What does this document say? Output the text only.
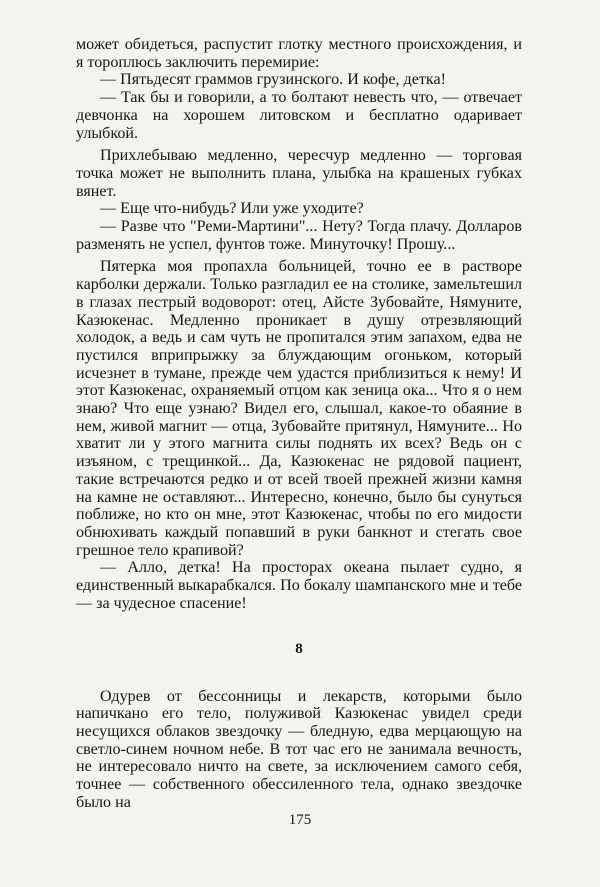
может обидеться, распустит глотку местного происхождения, и я тороплюсь заключить перемирие:

— Пятьдесят граммов грузинского. И кофе, детка!

— Так бы и говорили, а то болтают невесть что, — отвечает девчонка на хорошем литовском и бесплатно одаривает улыбкой.

Прихлебываю медленно, чересчур медленно — торговая точка может не выполнить плана, улыбка на крашеных губках вянет.

— Еще что-нибудь? Или уже уходите?

— Разве что "Реми-Мартини"... Нету? Тогда плачу. Долларов разменять не успел, фунтов тоже. Минуточку! Прошу...

Пятерка моя пропахла больницей, точно ее в растворе карболки держали. Только разгладил ее на столике, замельтешил в глазах пестрый водоворот: отец, Айсте Зубовайте, Нямуните, Казюкенас. Медленно проникает в душу отрезвляющий холодок, а ведь и сам чуть не пропитался этим запахом, едва не пустился вприпрыжку за блуждающим огоньком, который исчезнет в тумане, прежде чем удастся приблизиться к нему! И этот Казюкенас, охраняемый отцом как зеница ока... Что я о нем знаю? Что еще узнаю? Видел его, слышал, какое-то обаяние в нем, живой магнит — отца, Зубовайте притянул, Нямуните... Но хватит ли у этого магнита силы поднять их всех? Ведь он с изъяном, с трещинкой... Да, Казюкенас не рядовой пациент, такие встречаются редко и от всей твоей прежней жизни камня на камне не оставляют... Интересно, конечно, было бы сунуться поближе, но кто он мне, этот Казюкенас, чтобы по его мидости обнюхивать каждый попавший в руки банкнот и стегать свое грешное тело крапивой?

— Алло, детка! На просторах океана пылает судно, я единственный выкарабкался. По бокалу шампанского мне и тебе — за чудесное спасение!

8

Одурев от бессонницы и лекарств, которыми было напичкано его тело, полуживой Казюкенас увидел среди несущихся облаков звездочку — бледную, едва мерцающую на светло-синем ночном небе. В тот час его не занимала вечность, не интересовало ничто на свете, за исключением самого себя, точнее — собственного обессиленного тела, однако звездочке было на

175
